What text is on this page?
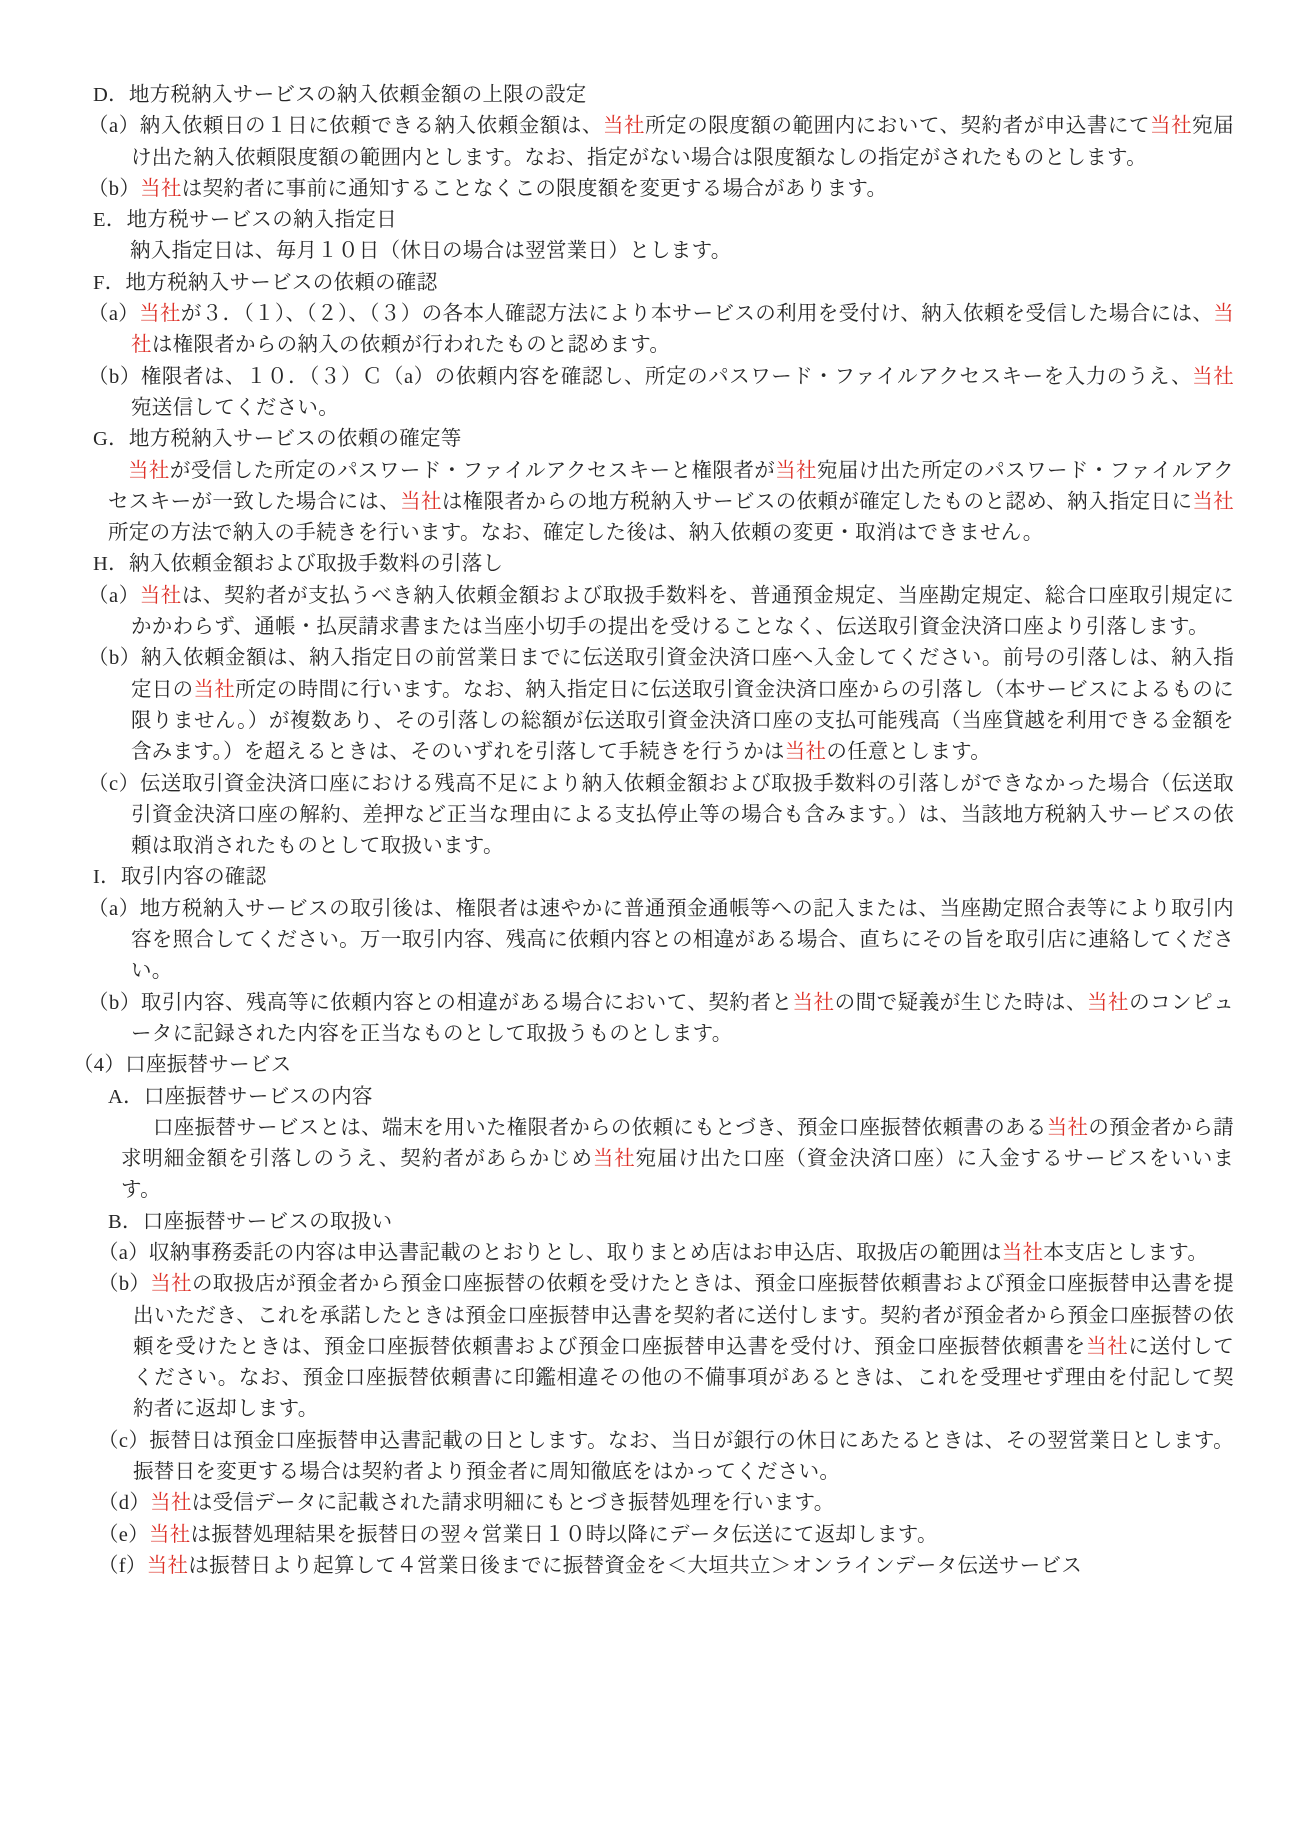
D．地方税納入サービスの納入依頼金額の上限の設定

（a）納入依頼日の１日に依頼できる納入依頼金額は、当社所定の限度額の範囲内において、契約者が申込書にて当社宛届け出た納入依頼限度額の範囲内とします。なお、指定がない場合は限度額なしの指定がされたものとします。

（b）当社は契約者に事前に通知することなくこの限度額を変更する場合があります。

E．地方税サービスの納入指定日

納入指定日は、毎月１０日（休日の場合は翌営業日）とします。

F．地方税納入サービスの依頼の確認

（a）当社が３．（１）、（２）、（３）の各本人確認方法により本サービスの利用を受付け、納入依頼を受信した場合には、当社は権限者からの納入の依頼が行われたものと認めます。

（b）権限者は、１０．（３）Ｃ（a）の依頼内容を確認し、所定のパスワード・ファイルアクセスキーを入力のうえ、当社宛送信してください。

G．地方税納入サービスの依頼の確定等

当社が受信した所定のパスワード・ファイルアクセスキーと権限者が当社宛届け出た所定のパスワード・ファイルアクセスキーが一致した場合には、当社は権限者からの地方税納入サービスの依頼が確定したものと認め、納入指定日に当社所定の方法で納入の手続きを行います。なお、確定した後は、納入依頼の変更・取消はできません。

H．納入依頼金額および取扱手数料の引落し

（a）当社は、契約者が支払うべき納入依頼金額および取扱手数料を、普通預金規定、当座勘定規定、総合口座取引規定にかかわらず、通帳・払戻請求書または当座小切手の提出を受けることなく、伝送取引資金決済口座より引落します。

（b）納入依頼金額は、納入指定日の前営業日までに伝送取引資金決済口座へ入金してください。前号の引落しは、納入指定日の当社所定の時間に行います。なお、納入指定日に伝送取引資金決済口座からの引落し（本サービスによるものに限りません。）が複数あり、その引落しの総額が伝送取引資金決済口座の支払可能残高（当座貸越を利用できる金額を含みます。）を超えるときは、そのいずれを引落して手続きを行うかは当社の任意とします。

（c）伝送取引資金決済口座における残高不足により納入依頼金額および取扱手数料の引落しができなかった場合（伝送取引資金決済口座の解約、差押など正当な理由による支払停止等の場合も含みます。）は、当該地方税納入サービスの依頼は取消されたものとして取扱います。

I．取引内容の確認

（a）地方税納入サービスの取引後は、権限者は速やかに普通預金通帳等への記入または、当座勘定照合表等により取引内容を照合してください。万一取引内容、残高に依頼内容との相違がある場合、直ちにその旨を取引店に連絡してください。

（b）取引内容、残高等に依頼内容との相違がある場合において、契約者と当社の間で疑義が生じた時は、当社のコンピュータに記録された内容を正当なものとして取扱うものとします。

（4）口座振替サービス

A．口座振替サービスの内容

口座振替サービスとは、端末を用いた権限者からの依頼にもとづき、預金口座振替依頼書のある当社の預金者から請求明細金額を引落しのうえ、契約者があらかじめ当社宛届け出た口座（資金決済口座）に入金するサービスをいいます。

B．口座振替サービスの取扱い

（a）収納事務委託の内容は申込書記載のとおりとし、取りまとめ店はお申込店、取扱店の範囲は当社本支店とします。

（b）当社の取扱店が預金者から預金口座振替の依頼を受けたときは、預金口座振替依頼書および預金口座振替申込書を提出いただき、これを承諾したときは預金口座振替申込書を契約者に送付します。契約者が預金者から預金口座振替の依頼を受けたときは、預金口座振替依頼書および預金口座振替申込書を受付け、預金口座振替依頼書を当社に送付してください。なお、預金口座振替依頼書に印鑑相違その他の不備事項があるときは、これを受理せず理由を付記して契約者に返却します。

（c）振替日は預金口座振替申込書記載の日とします。なお、当日が銀行の休日にあたるときは、その翌営業日とします。振替日を変更する場合は契約者より預金者に周知徹底をはかってください。

（d）当社は受信データに記載された請求明細にもとづき振替処理を行います。

（e）当社は振替処理結果を振替日の翌々営業日１０時以降にデータ伝送にて返却します。

（f）当社は振替日より起算して４営業日後までに振替資金を＜大垣共立＞オンラインデータ伝送サービス
